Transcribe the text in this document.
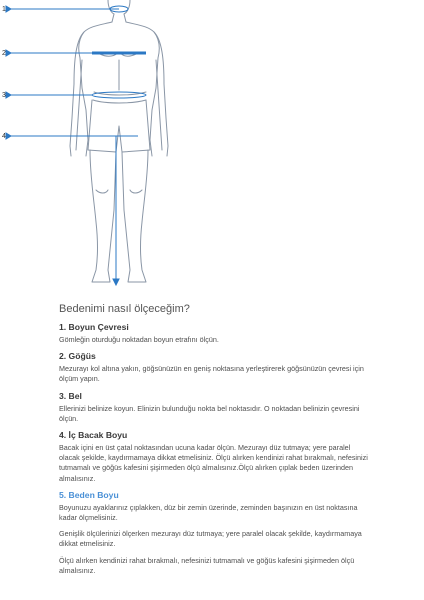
1
2
3
4

Bedenimi nasıl ölçeceğim?

1. Boyun Çevresi

Gömleğin oturduğu noktadan boyun etrafını ölçün.

2. Göğüs

Mezurayı kol altına yakın, göğsünüzün en geniş noktasına yerleştirerek göğsünüzün çevresi için ölçüm yapın.

3. Bel

Ellerinizi belinize koyun. Elinizin bulunduğu nokta bel noktasıdır. O noktadan belinizin çevresini ölçün.

4. İç Bacak Boyu

Bacak içini en üst çatal noktasından ucuna kadar ölçün. Mezurayı düz tutmaya; yere paralel olacak şekilde, kaydırmamaya dikkat etmelisiniz. Ölçü alırken kendinizi rahat bırakmalı, nefesinizi tutmamalı ve göğüs kafesini şişirmeden ölçü almalısınız.Ölçü alırken çıplak beden üzerinden almalısınız.

5. Beden Boyu

Boyunuzu ayaklarınız çıplakken, düz bir zemin üzerinde, zeminden başınızın en üst noktasına kadar ölçmelisiniz.

Genişlik ölçülerinizi ölçerken mezurayı düz tutmaya; yere paralel olacak şekilde, kaydırmamaya dikkat etmelisiniz.

Ölçü alırken kendinizi rahat bırakmalı, nefesinizi tutmamalı ve göğüs kafesini şişirmeden ölçü almalısınız.
